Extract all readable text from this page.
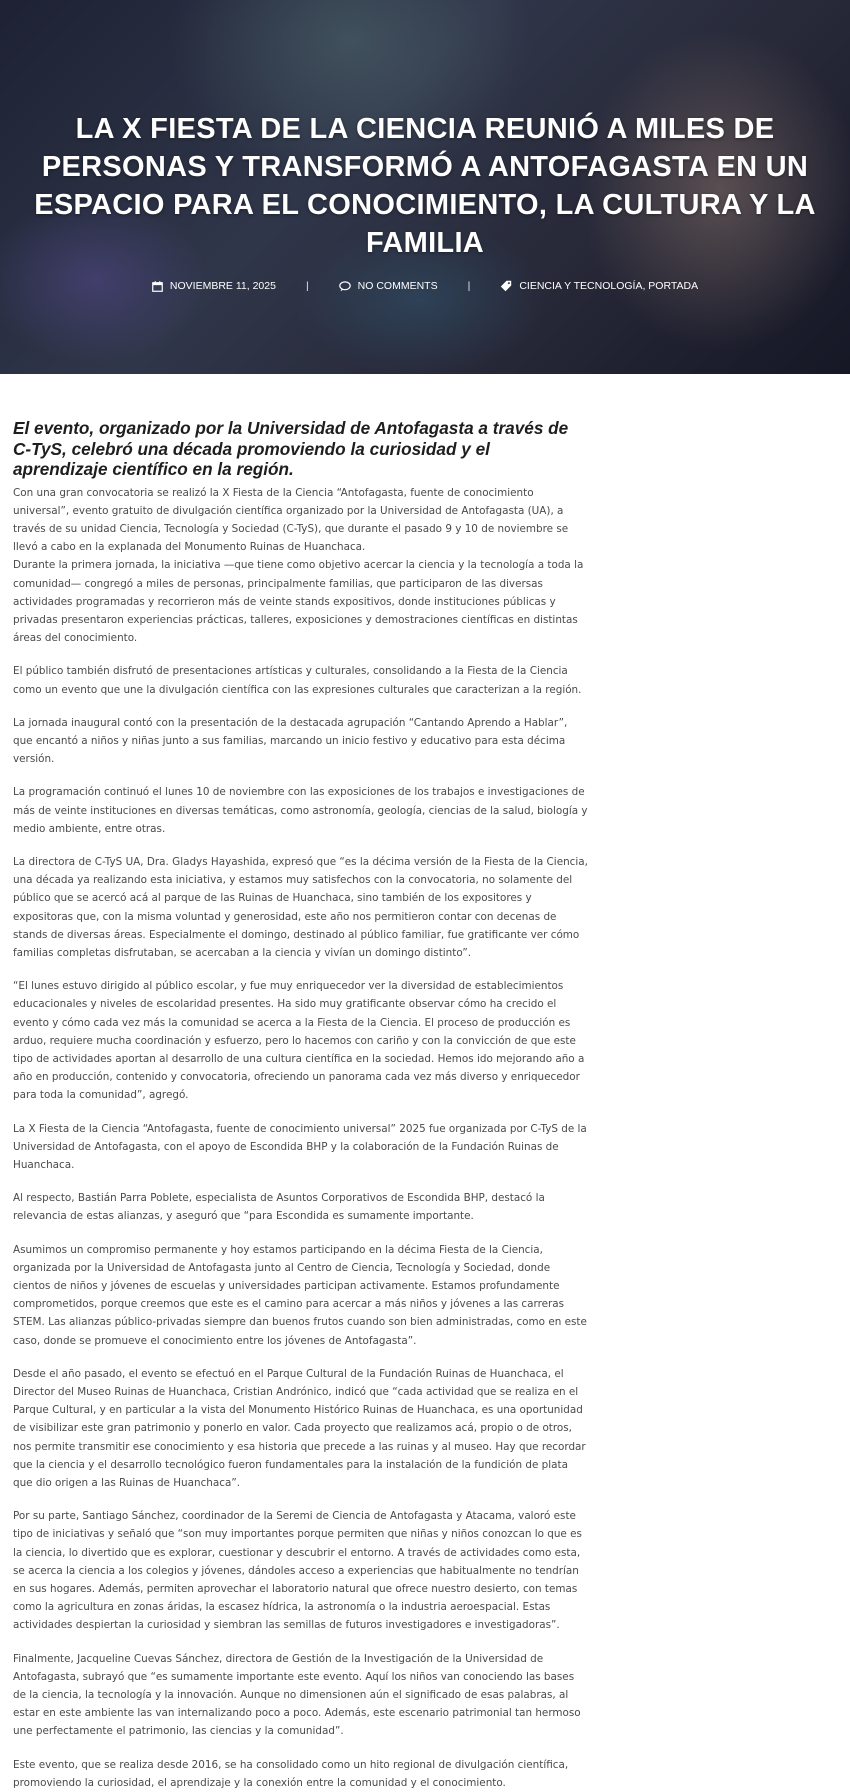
LA X FIESTA DE LA CIENCIA REUNIÓ A MILES DE PERSONAS Y TRANSFORMÓ A ANTOFAGASTA EN UN ESPACIO PARA EL CONOCIMIENTO, LA CULTURA Y LA FAMILIA
NOVIEMBRE 11, 2025	|	NO COMMENTS	|	CIENCIA Y TECNOLOGÍA, PORTADA
El evento, organizado por la Universidad de Antofagasta a través de C-TyS, celebró una década promoviendo la curiosidad y el aprendizaje científico en la región.

Con una gran convocatoria se realizó la X Fiesta de la Ciencia “Antofagasta, fuente de conocimiento universal”, evento gratuito de divulgación científica organizado por la Universidad de Antofagasta (UA), a través de su unidad Ciencia, Tecnología y Sociedad (C-TyS), que durante el pasado 9 y 10 de noviembre se llevó a cabo en la explanada del Monumento Ruinas de Huanchaca.

Durante la primera jornada, la iniciativa —que tiene como objetivo acercar la ciencia y la tecnología a toda la comunidad— congregó a miles de personas, principalmente familias, que participaron de las diversas actividades programadas y recorrieron más de veinte stands expositivos, donde instituciones públicas y privadas presentaron experiencias prácticas, talleres, exposiciones y demostraciones científicas en distintas áreas del conocimiento.

El público también disfrutó de presentaciones artísticas y culturales, consolidando a la Fiesta de la Ciencia como un evento que une la divulgación científica con las expresiones culturales que caracterizan a la región.

La jornada inaugural contó con la presentación de la destacada agrupación “Cantando Aprendo a Hablar”, que encantó a niños y niñas junto a sus familias, marcando un inicio festivo y educativo para esta décima versión.

La programación continuó el lunes 10 de noviembre con las exposiciones de los trabajos e investigaciones de más de veinte instituciones en diversas temáticas, como astronomía, geología, ciencias de la salud, biología y medio ambiente, entre otras.

La directora de C-TyS UA, Dra. Gladys Hayashida, expresó que “es la décima versión de la Fiesta de la Ciencia, una década ya realizando esta iniciativa, y estamos muy satisfechos con la convocatoria, no solamente del público que se acercó acá al parque de las Ruinas de Huanchaca, sino también de los expositores y expositoras que, con la misma voluntad y generosidad, este año nos permitieron contar con decenas de stands de diversas áreas. Especialmente el domingo, destinado al público familiar, fue gratificante ver cómo familias completas disfrutaban, se acercaban a la ciencia y vivían un domingo distinto”.

“El lunes estuvo dirigido al público escolar, y fue muy enriquecedor ver la diversidad de establecimientos educacionales y niveles de escolaridad presentes. Ha sido muy gratificante observar cómo ha crecido el evento y cómo cada vez más la comunidad se acerca a la Fiesta de la Ciencia. El proceso de producción es arduo, requiere mucha coordinación y esfuerzo, pero lo hacemos con cariño y con la convicción de que este tipo de actividades aportan al desarrollo de una cultura científica en la sociedad. Hemos ido mejorando año a año en producción, contenido y convocatoria, ofreciendo un panorama cada vez más diverso y enriquecedor para toda la comunidad”, agregó.

La X Fiesta de la Ciencia “Antofagasta, fuente de conocimiento universal” 2025 fue organizada por C-TyS de la Universidad de Antofagasta, con el apoyo de Escondida BHP y la colaboración de la Fundación Ruinas de Huanchaca.

Al respecto, Bastián Parra Poblete, especialista de Asuntos Corporativos de Escondida BHP, destacó la relevancia de estas alianzas, y aseguró que “para Escondida es sumamente importante.

Asumimos un compromiso permanente y hoy estamos participando en la décima Fiesta de la Ciencia, organizada por la Universidad de Antofagasta junto al Centro de Ciencia, Tecnología y Sociedad, donde cientos de niños y jóvenes de escuelas y universidades participan activamente. Estamos profundamente comprometidos, porque creemos que este es el camino para acercar a más niños y jóvenes a las carreras STEM. Las alianzas público-privadas siempre dan buenos frutos cuando son bien administradas, como en este caso, donde se promueve el conocimiento entre los jóvenes de Antofagasta”.

Desde el año pasado, el evento se efectuó en el Parque Cultural de la Fundación Ruinas de Huanchaca, el Director del Museo Ruinas de Huanchaca, Cristian Andrónico, indicó que “cada actividad que se realiza en el Parque Cultural, y en particular a la vista del Monumento Histórico Ruinas de Huanchaca, es una oportunidad de visibilizar este gran patrimonio y ponerlo en valor. Cada proyecto que realizamos acá, propio o de otros, nos permite transmitir ese conocimiento y esa historia que precede a las ruinas y al museo. Hay que recordar que la ciencia y el desarrollo tecnológico fueron fundamentales para la instalación de la fundición de plata que dio origen a las Ruinas de Huanchaca”.

Por su parte, Santiago Sánchez, coordinador de la Seremi de Ciencia de Antofagasta y Atacama, valoró este tipo de iniciativas y señaló que “son muy importantes porque permiten que niñas y niños conozcan lo que es la ciencia, lo divertido que es explorar, cuestionar y descubrir el entorno. A través de actividades como esta, se acerca la ciencia a los colegios y jóvenes, dándoles acceso a experiencias que habitualmente no tendrían en sus hogares. Además, permiten aprovechar el laboratorio natural que ofrece nuestro desierto, con temas como la agricultura en zonas áridas, la escasez hídrica, la astronomía o la industria aeroespacial. Estas actividades despiertan la curiosidad y siembran las semillas de futuros investigadores e investigadoras”.

Finalmente, Jacqueline Cuevas Sánchez, directora de Gestión de la Investigación de la Universidad de Antofagasta, subrayó que “es sumamente importante este evento. Aquí los niños van conociendo las bases de la ciencia, la tecnología y la innovación. Aunque no dimensionen aún el significado de esas palabras, al estar en este ambiente las van internalizando poco a poco. Además, este escenario patrimonial tan hermoso une perfectamente el patrimonio, las ciencias y la comunidad”.

Este evento, que se realiza desde 2016, se ha consolidado como un hito regional de divulgación científica, promoviendo la curiosidad, el aprendizaje y la conexión entre la comunidad y el conocimiento.
